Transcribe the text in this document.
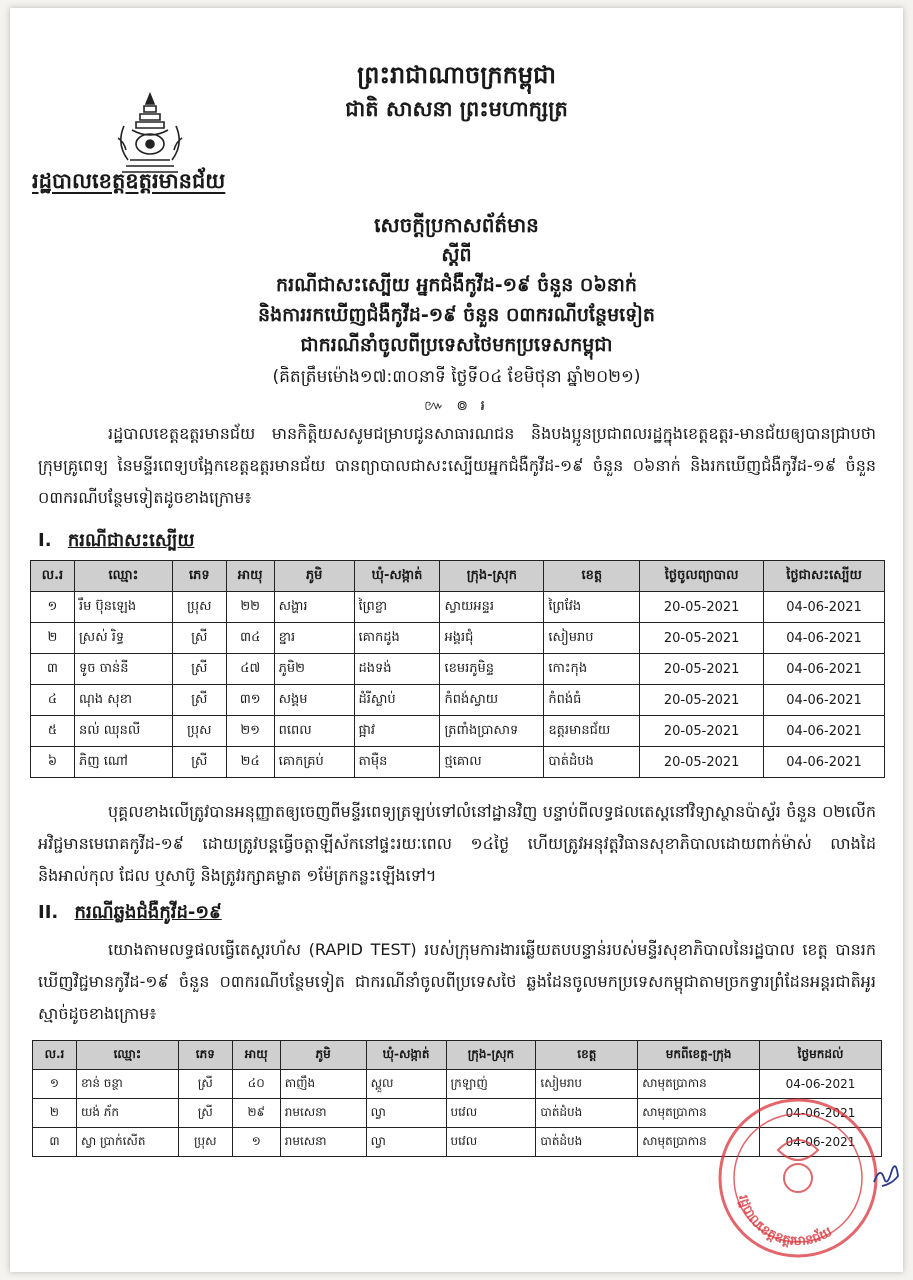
ព្រះរាជាណាចក្រកម្ពុជា
ជាតិ សាសនា ព្រះមហាក្សត្រ
រដ្ឋបាលខេត្តឧត្តរមានជ័យ
សេចក្តីប្រកាសព័ត៌មាន
ស្តីពី
ករណីជាសះស្បើយ អ្នកជំងឺកូវីដ-១៩ ចំនួន ០៦នាក់
និងការរកឃើញជំងឺកូវីដ-១៩ ចំនួន ០៣ករណីបន្ថែមទៀត
ជាករណីនាំចូលពីប្រទេសថៃមកប្រទេសកម្ពុជា
(គិតត្រឹមម៉ោង១៧:៣០នាទី ថ្ងៃទី០៤ ខែមិថុនា ឆ្នាំ២០២១)
៚ ៙ ៛
រដ្ឋបាលខេត្តឧត្តរមានជ័យ មានកិត្តិយសសូមជម្រាបជូនសាធារណជន និងបងប្អូនប្រជាពលរដ្ឋក្នុងខេត្តឧត្តរ-មានជ័យឲ្យបានជ្រាបថា ក្រុមគ្រូពេទ្យ នៃមន្ទីរពេទ្យបង្អែកខេត្តឧត្តរមានជ័យ បានព្យាបាលជាសះស្បើយអ្នកជំងឺកូវីដ-១៩ ចំនួន ០៦នាក់ និងរកឃើញជំងឺកូវីដ-១៩ ចំនួន ០៣ករណីបន្ថែមទៀតដូចខាងក្រោម៖
I. ករណីជាសះស្បើយ
ល.រ	ឈ្មោះ	ភេទ	អាយុ	ភូមិ	ឃុំ-សង្កាត់	ក្រុង-ស្រុក	ខេត្ត	ថ្ងៃចូលព្យាបាល	ថ្ងៃជាសះស្បើយ
១	រឹម ប៊ុនឡេង	ប្រុស	២២	សង្ហារ	ព្រៃខ្លា	ស្វាយអន្ទរ	ព្រៃវែង	20-05-2021	04-06-2021
២	ស្រស់ រិទ្ធ	ស្រី	៣៤	ខ្នារ	គោកដូង	អង្គរជុំ	សៀមរាប	20-05-2021	04-06-2021
៣	ទូច ចាន់នី	ស្រី	៤៧	ភូមិ២	ដងទង់	ខេមរភូមិន្ទ	កោះកុង	20-05-2021	04-06-2021
៤	ណុង សុខា	ស្រី	៣១	សង្គម	ដំរីស្លាប់	កំពង់ស្វាយ	កំពង់ធំ	20-05-2021	04-06-2021
៥	នល់ ឈុនលី	ប្រុស	២១	ពពេល	ផ្អាវ	ត្រពាំងប្រាសាទ	ឧត្តរមានជ័យ	20-05-2021	04-06-2021
៦	ភិញ ណៅ	ស្រី	២៤	គោកគ្រប់	តាម៉ឺន	ថ្មគោល	បាត់ដំបង	20-05-2021	04-06-2021
បុគ្គលខាងលើត្រូវបានអនុញ្ញាតឲ្យចេញពីមន្ទីរពេទ្យត្រឡប់ទៅលំនៅដ្ឋានវិញ បន្ទាប់ពីលទ្ធផលតេស្តនៅវិទ្យាស្ថានប៉ាស្ទ័រ ចំនួន ០២លើក អវិជ្ជមានមេរោគកូវីដ-១៩ ដោយត្រូវបន្តធ្វើចត្តាឡីស័កនៅផ្ទះរយៈពេល ១៤ថ្ងៃ ហើយត្រូវអនុវត្តវិធានសុខាភិបាលដោយពាក់ម៉ាស់ លាងដៃ និងអាល់កុល ជែល ឬសាប៊ូ និងត្រូវរក្សាគម្លាត ១ម៉ែត្រកន្លះឡើងទៅ។
II. ករណីឆ្លងជំងឺកូវីដ-១៩
យោងតាមលទ្ធផលធ្វើតេស្តរហ័ស (RAPID TEST) របស់ក្រុមការងារឆ្លើយតបបន្ទាន់របស់មន្ទីរសុខាភិបាលនៃរដ្ឋបាល ខេត្ត បានរកឃើញវិជ្ជមានកូវីដ-១៩ ចំនួន ០៣ករណីបន្ថែមទៀត ជាករណីនាំចូលពីប្រទេសថៃ ឆ្លងដែនចូលមកប្រទេសកម្ពុជាតាមច្រកទ្វារព្រំដែនអន្តរជាតិអូរស្មាច់ដូចខាងក្រោម៖
ល.រ	ឈ្មោះ	ភេទ	អាយុ	ភូមិ	ឃុំ-សង្កាត់	ក្រុង-ស្រុក	ខេត្ត	មកពីខេត្ត-ក្រុង	ថ្ងៃមកដល់
១	ខាន់ ចន្ថា	ស្រី	៤០	តាញឹង	ស្ពួល	ក្រឡាញ់	សៀមរាប	សាមុតប្រាកាន	04-06-2021
២	យង់ ភ័ក	ស្រី	២៩	រាមសេនា	ល្វា	បវេល	បាត់ដំបង	សាមុតប្រាកាន	04-06-2021
៣	ស្វា ប្រាក់សើត	ប្រុស	១	រាមសេនា	ល្វា	បវេល	បាត់ដំបង	សាមុតប្រាកាន	04-06-2021
រដ្ឋបាលខេត្តឧត្តរមានជ័យ
